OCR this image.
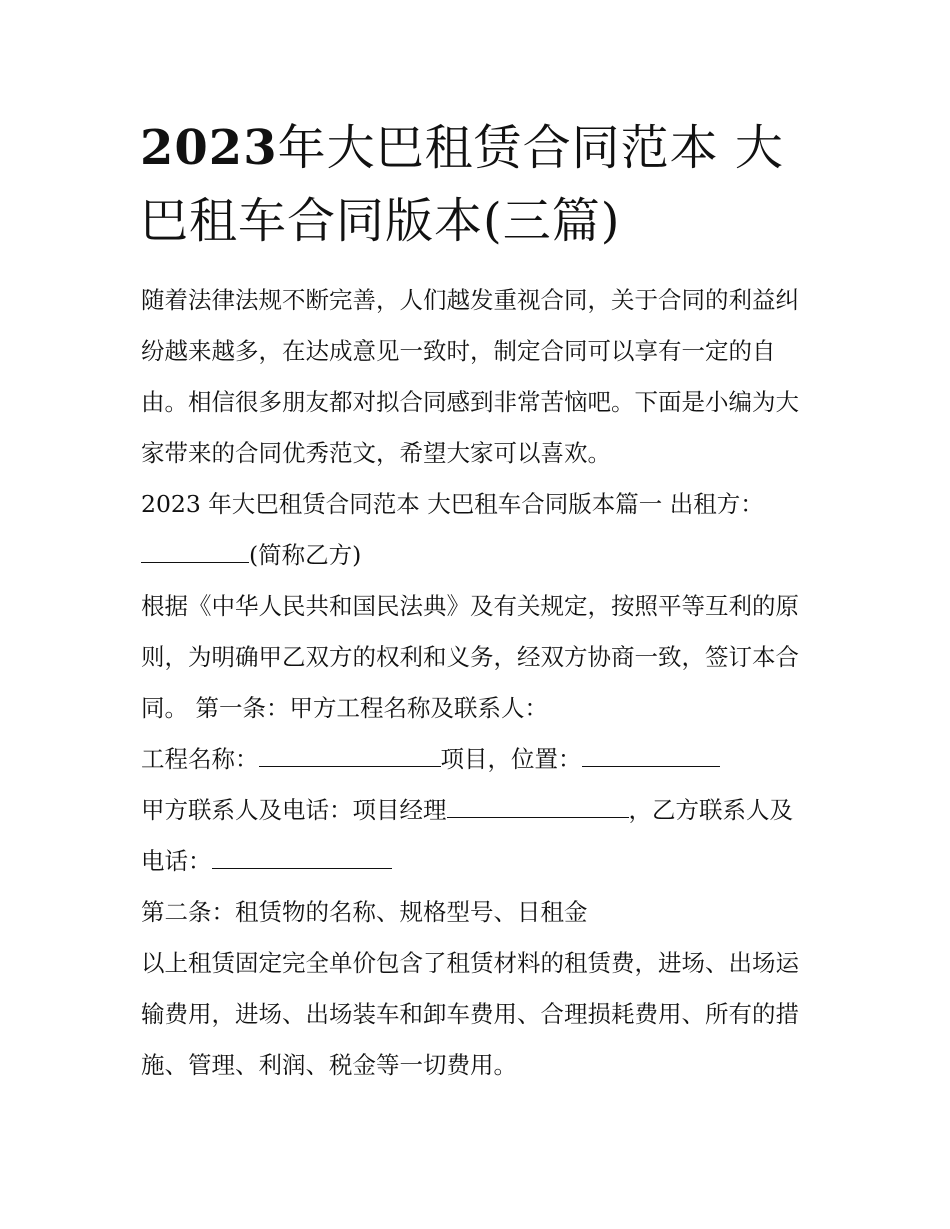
2023年大巴租赁合同范本 大巴租车合同版本(三篇)

随着法律法规不断完善，人们越发重视合同，关于合同的利益纠纷越来越多，在达成意见一致时，制定合同可以享有一定的自由。相信很多朋友都对拟合同感到非常苦恼吧。下面是小编为大家带来的合同优秀范文，希望大家可以喜欢。

2023 年大巴租赁合同范本 大巴租车合同版本篇一 出租方：

(简称乙方)

根据《中华人民共和国民法典》及有关规定，按照平等互利的原则，为明确甲乙双方的权利和义务，经双方协商一致，签订本合同。 第一条：甲方工程名称及联系人：

工程名称：	项目，位置：

甲方联系人及电话：项目经理	，乙方联系人及电话：

第二条：租赁物的名称、规格型号、日租金

以上租赁固定完全单价包含了租赁材料的租赁费，进场、出场运输费用，进场、出场装车和卸车费用、合理损耗费用、所有的措施、管理、利润、税金等一切费用。
